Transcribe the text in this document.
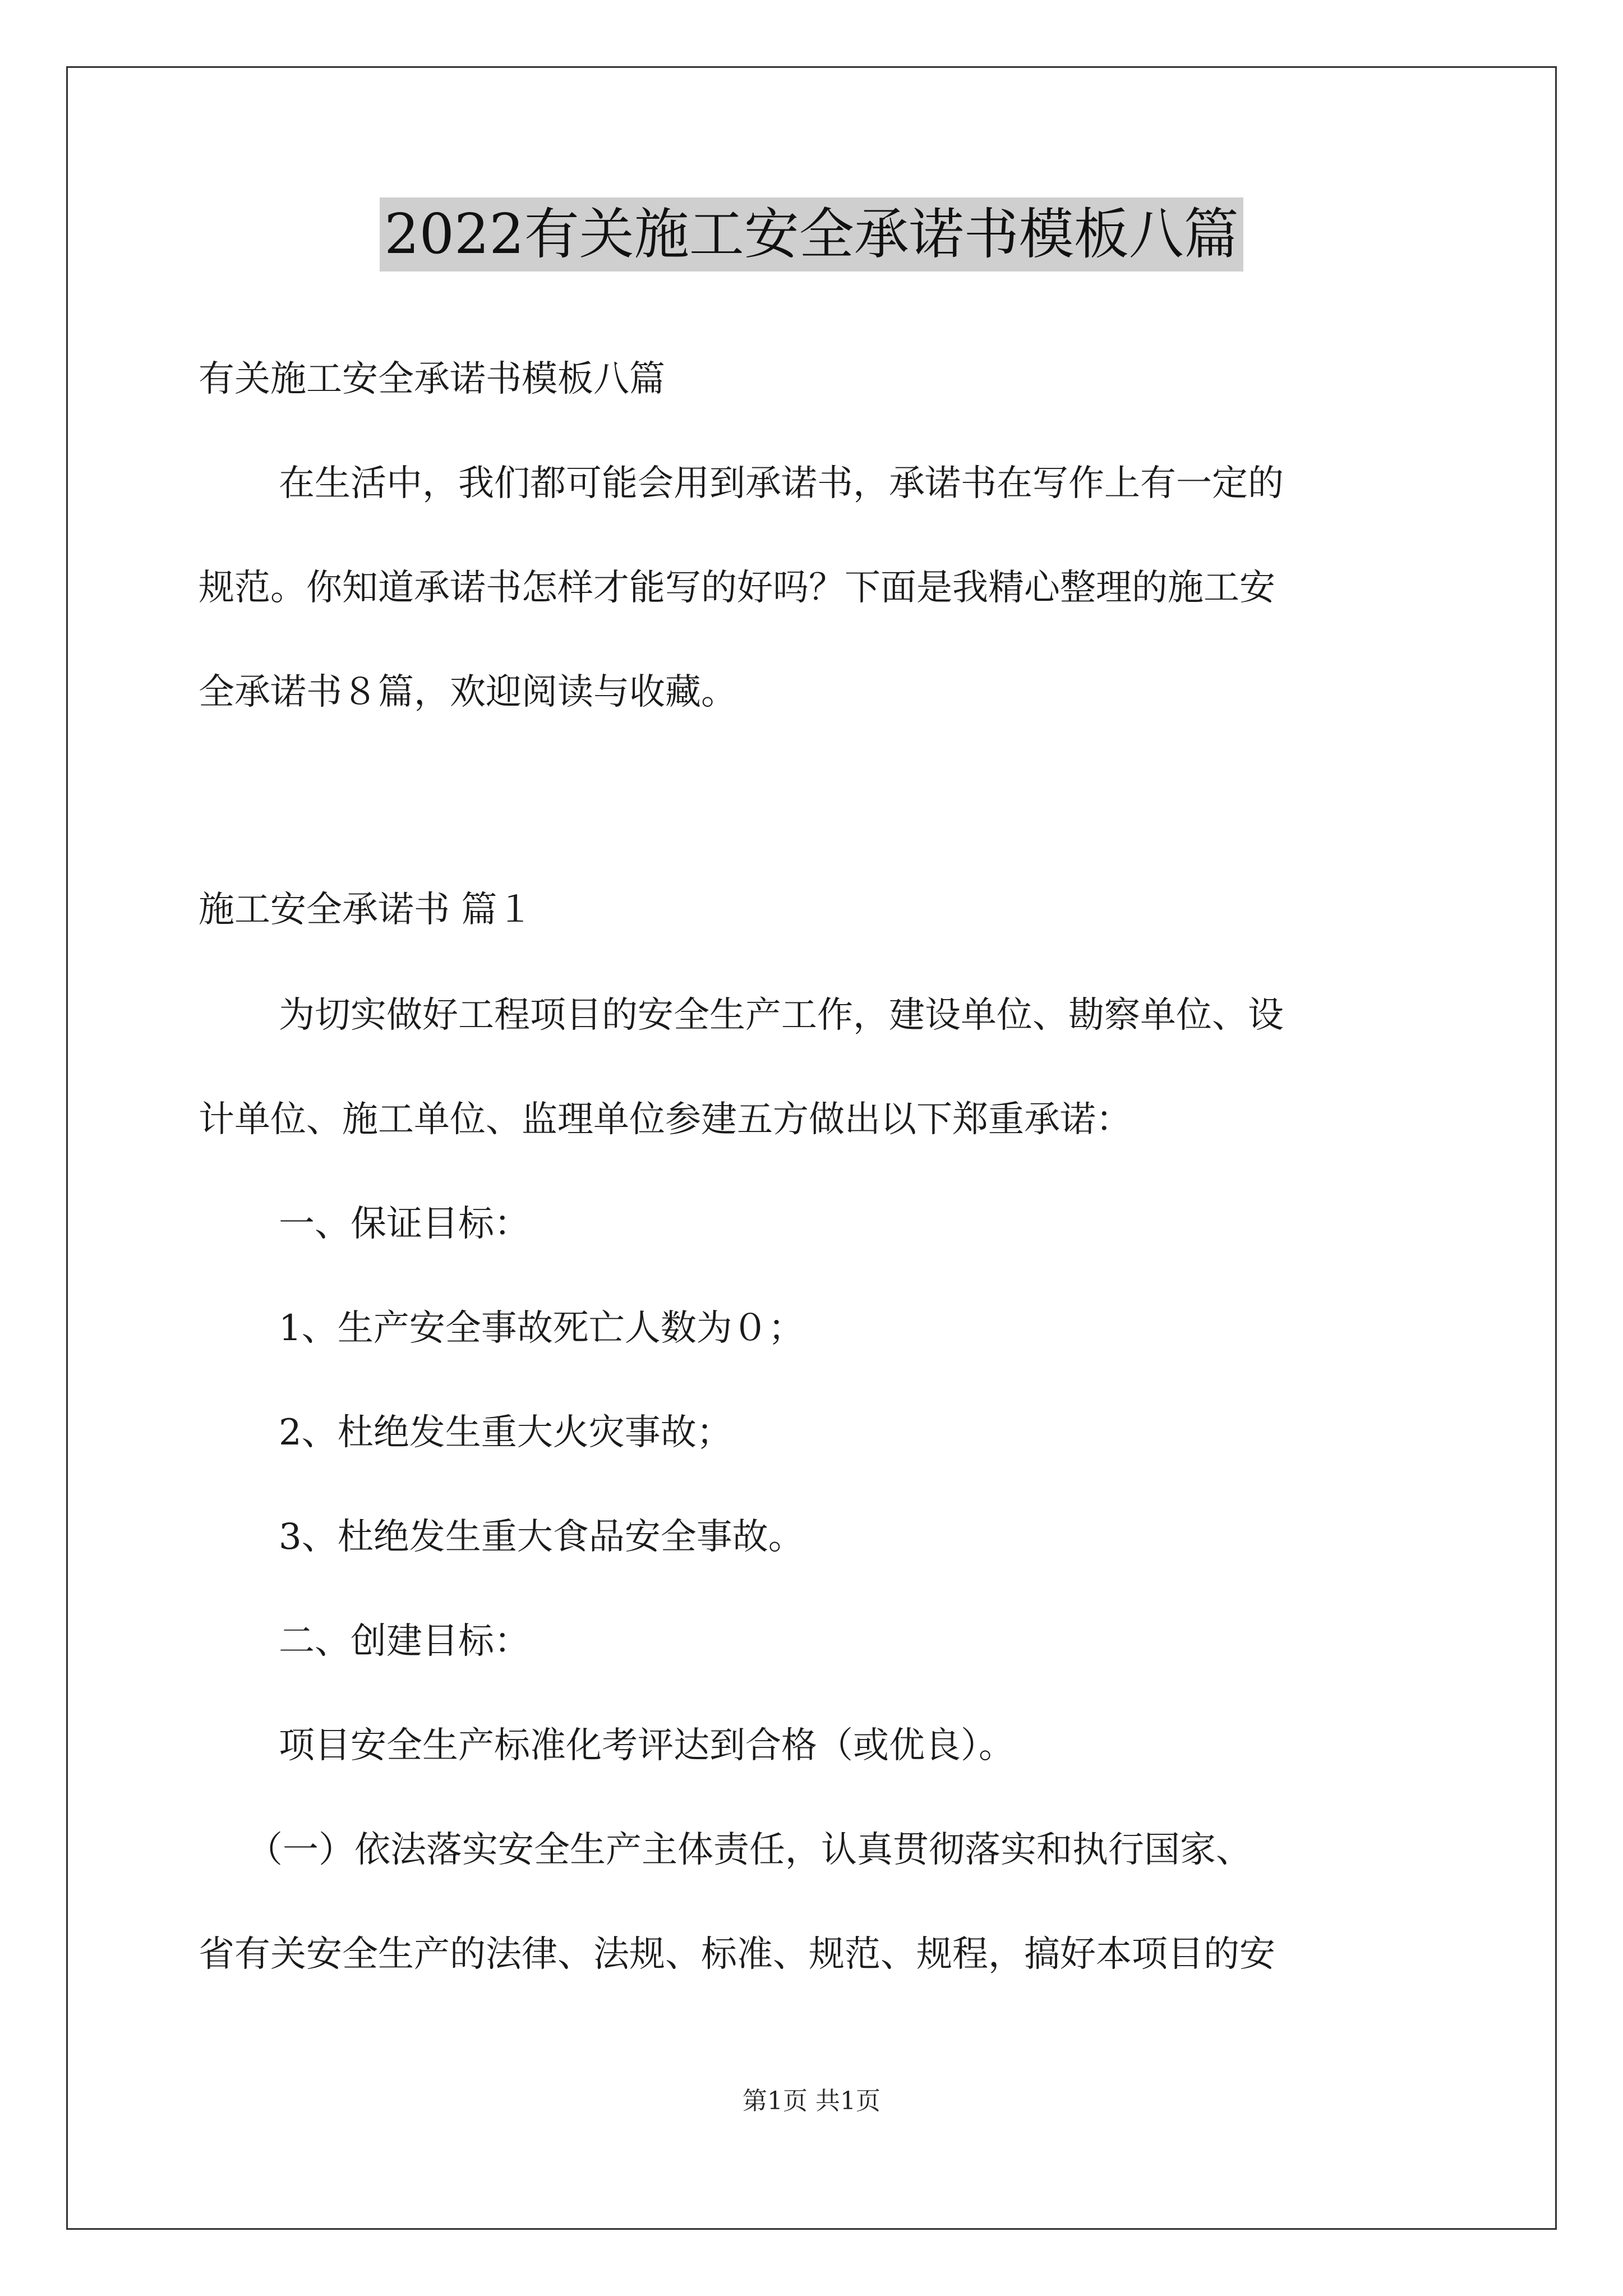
2022有关施工安全承诺书模板八篇
有关施工安全承诺书模板八篇
在生活中，我们都可能会用到承诺书，承诺书在写作上有一定的
规范。你知道承诺书怎样才能写的好吗？下面是我精心整理的施工安
全承诺书８篇，欢迎阅读与收藏。
施工安全承诺书 篇１
为切实做好工程项目的安全生产工作，建设单位、勘察单位、设
计单位、施工单位、监理单位参建五方做出以下郑重承诺：
一、保证目标：
1、生产安全事故死亡人数为０；
2、杜绝发生重大火灾事故；
3、杜绝发生重大食品安全事故。
二、创建目标：
项目安全生产标准化考评达到合格（或优良）。
（一）依法落实安全生产主体责任，认真贯彻落实和执行国家、
省有关安全生产的法律、法规、标准、规范、规程，搞好本项目的安
第1页 共1页
